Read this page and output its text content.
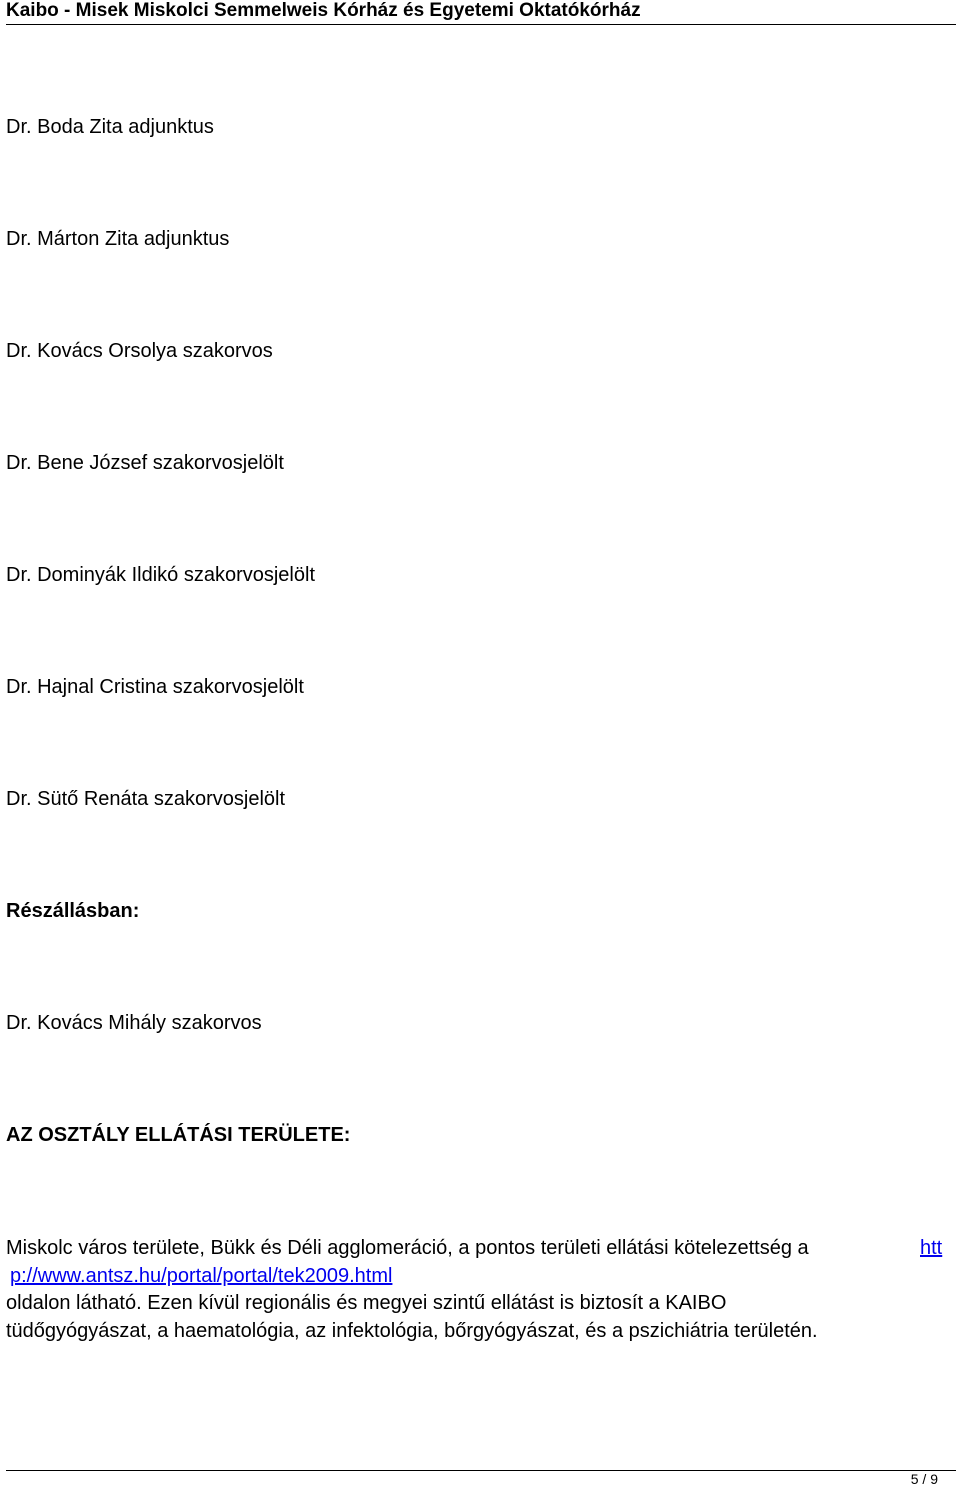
Kaibo - Misek Miskolci Semmelweis Kórház és Egyetemi Oktatókórház
Dr. Boda Zita adjunktus
Dr. Márton Zita adjunktus
Dr. Kovács Orsolya szakorvos
Dr. Bene József szakorvosjelölt
Dr. Dominyák Ildikó szakorvosjelölt
Dr. Hajnal Cristina szakorvosjelölt
Dr. Sütő Renáta szakorvosjelölt
Részállásban:
Dr. Kovács Mihály szakorvos
AZ OSZTÁLY ELLÁTÁSI TERÜLETE:
Miskolc város területe, Bükk és Déli agglomeráció, a pontos területi ellátási kötelezettség a	htt
p://www.antsz.hu/portal/portal/tek2009.html
oldalon látható. Ezen kívül regionális és megyei szintű ellátást is biztosít a KAIBO
tüdőgyógyászat, a haematológia, az infektológia, bőrgyógyászat, és a pszichiátria területén.
5 / 9
